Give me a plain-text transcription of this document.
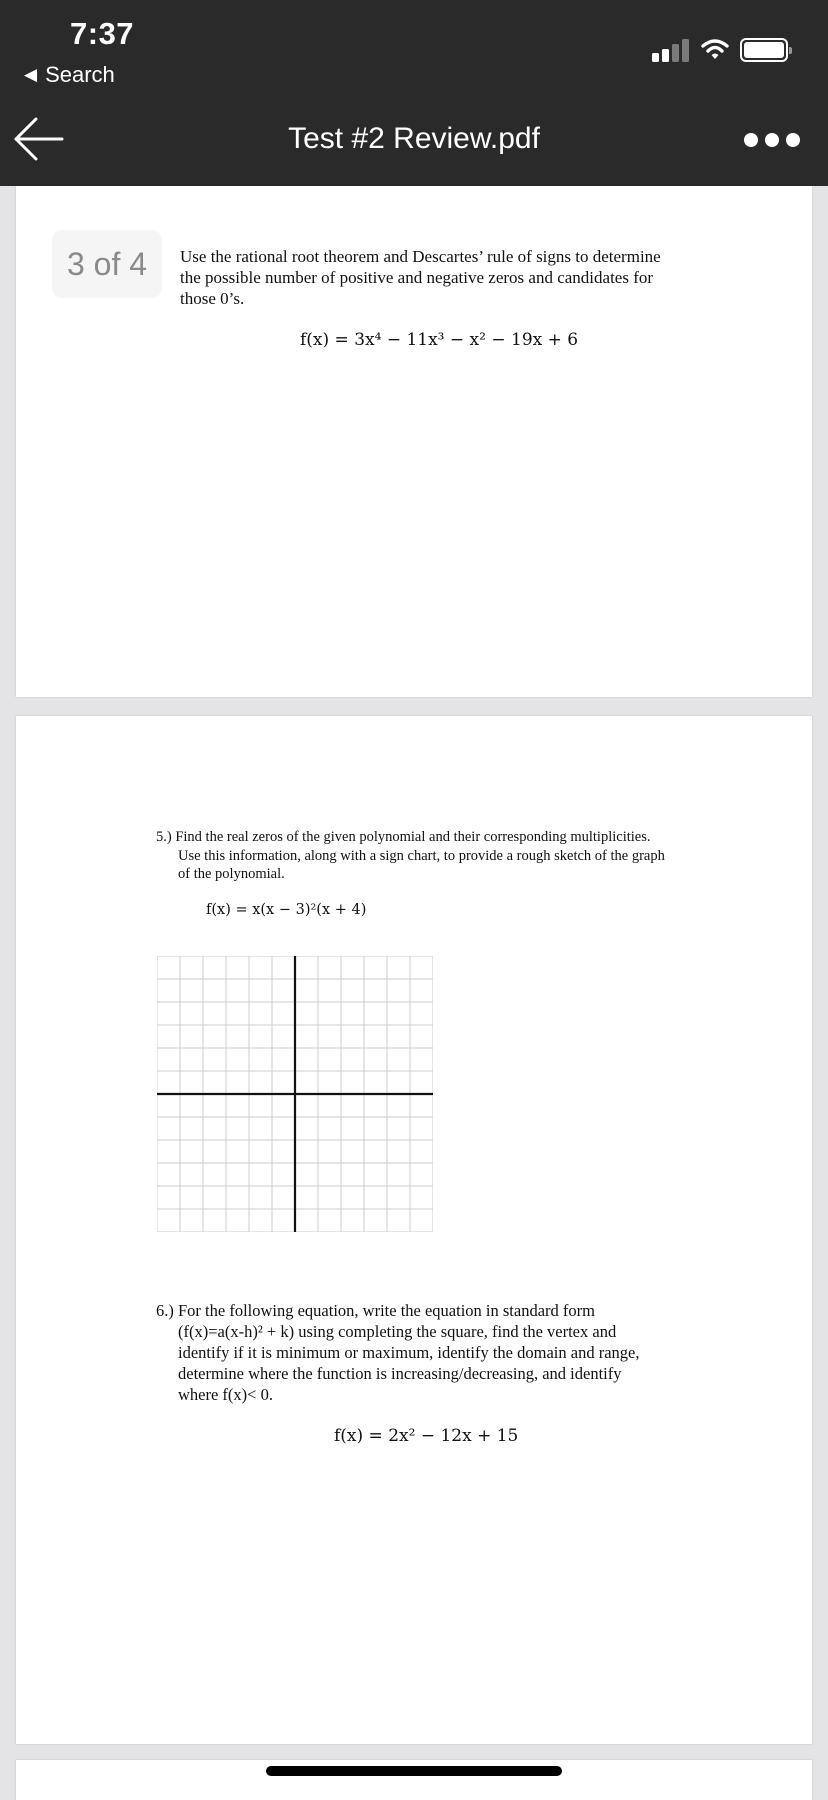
7:37
◀ Search
Test #2 Review.pdf
Use the rational root theorem and Descartes’ rule of signs to determine
the possible number of positive and negative zeros and candidates for
those 0’s.
f(x) = 3x⁴ − 11x³ − x² − 19x + 6
3 of 4
5.) Find the real zeros of the given polynomial and their corresponding multiplicities.
Use this information, along with a sign chart, to provide a rough sketch of the graph
of the polynomial.
f(x) = x(x − 3)²(x + 4)
6.) For the following equation, write the equation in standard form
(f(x)=a(x-h)² + k) using completing the square, find the vertex and
identify if it is minimum or maximum, identify the domain and range,
determine where the function is increasing/decreasing, and identify
where f(x)< 0.
f(x) = 2x² − 12x + 15
